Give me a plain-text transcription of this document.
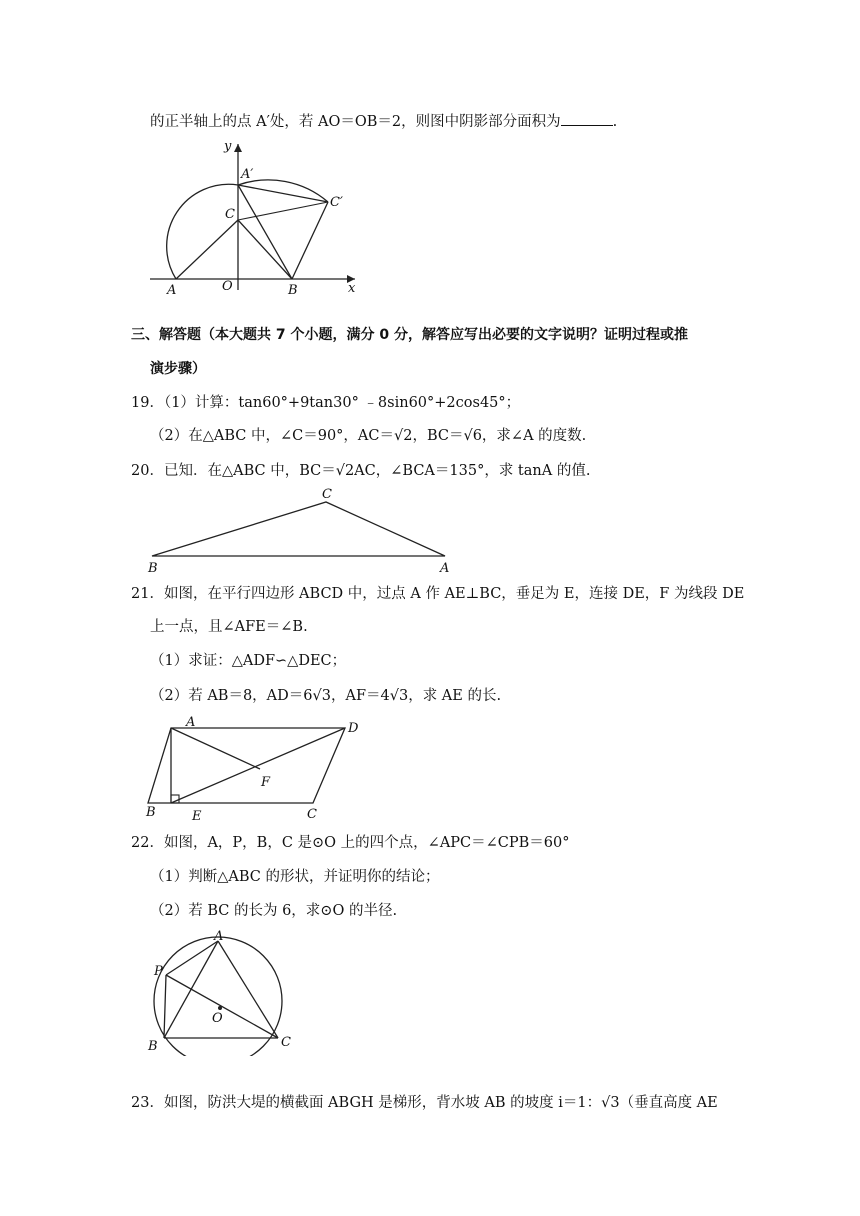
的正半轴上的点 A′处，若 AO＝OB＝2，则图中阴影部分面积为	.
y
A′
C
C′
A	O	B	x
三、解答题（本大题共 7 个小题，满分 0 分，解答应写出必要的文字说明？证明过程或推
演步骤）
19．（1）计算：tan60°+9tan30° ﹣8sin60°+2cos45°；
（2）在△ABC 中，∠C＝90°，AC＝√2，BC＝√6，求∠A 的度数.
20．已知．在△ABC 中，BC＝√2AC，∠BCA＝135°，求 tanA 的值.
C
B	A
21．如图，在平行四边形 ABCD 中，过点 A 作 AE⊥BC，垂足为 E，连接 DE，F 为线段 DE
上一点，且∠AFE＝∠B.
（1）求证：△ADF∽△DEC；
（2）若 AB＝8，AD＝6√3，AF＝4√3，求 AE 的长.
A	D
F
B	E	C
22．如图，A，P，B，C 是⊙O 上的四个点，∠APC＝∠CPB＝60°
（1）判断△ABC 的形状，并证明你的结论；
（2）若 BC 的长为 6，求⊙O 的半径.
A
P
O
B	C
23．如图，防洪大堤的横截面 ABGH 是梯形，背水坡 AB 的坡度 i＝1：√3（垂直高度 AE
